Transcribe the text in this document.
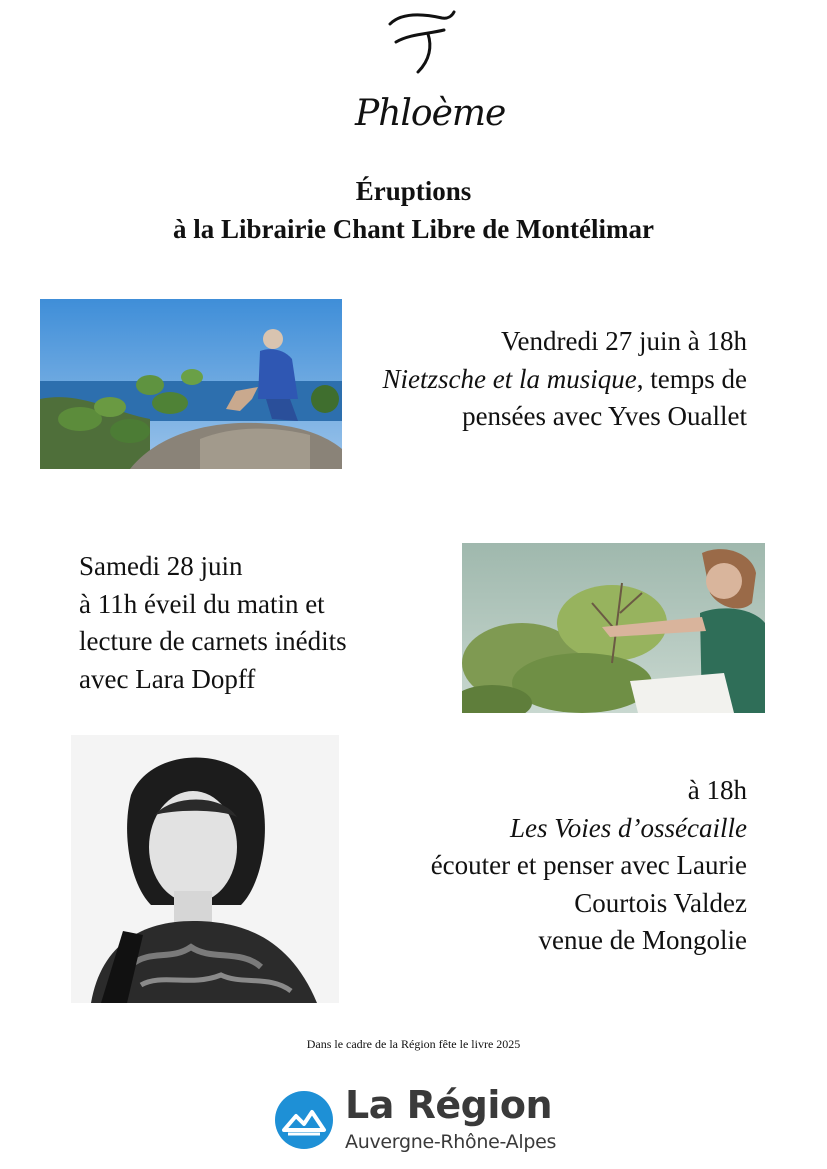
Phloème
Éruptions
à la Librairie Chant Libre de Montélimar
Vendredi 27 juin à 18h
Nietzsche et la musique, temps de
pensées avec Yves Ouallet
Samedi 28 juin
à 11h éveil du matin et
lecture de carnets inédits
avec Lara Dopff
à 18h
Les Voies d’ossécaille
écouter et penser avec Laurie
Courtois Valdez
venue de Mongolie
Dans le cadre de la Région fête le livre 2025
La Région
Auvergne-Rhône-Alpes
